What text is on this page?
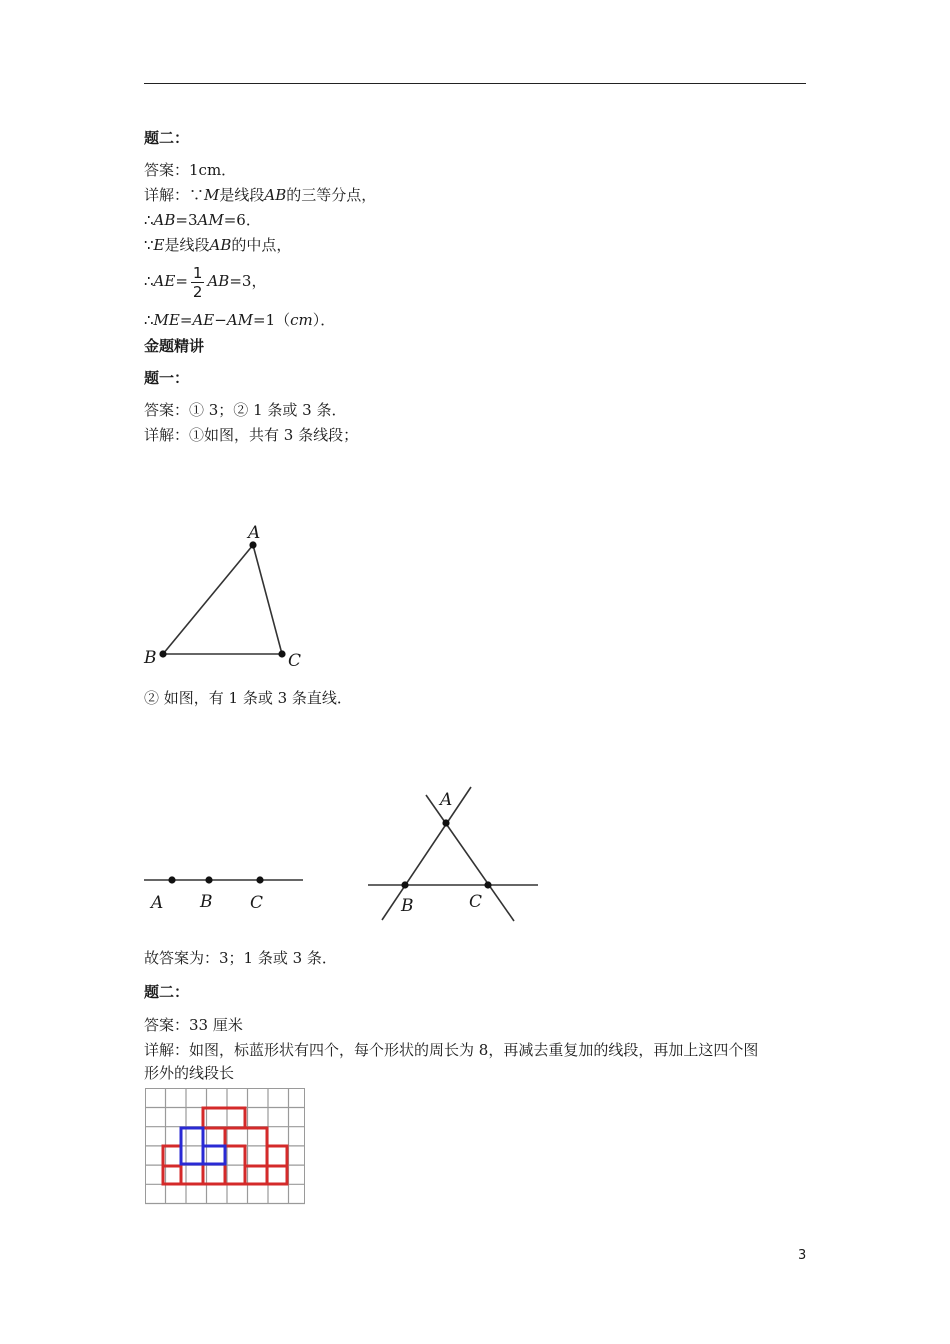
题二：
答案：1cm．
详解：∵M是线段AB的三等分点，
∴AB=3AM=6．
∵E是线段AB的中点，
∴AE= $\frac{1}{2} AB=3$，
∴ME=AE−AM=1（cm）．
金题精讲
题一：
答案：① 3；② 1 条或 3 条．
详解：①如图，共有 3 条线段；
A
B	C
② 如图，有 1 条或 3 条直线．
A B C
A
B	C
故答案为：3；1 条或 3 条．
题二：
答案：33 厘米
详解：如图，标蓝形状有四个，每个形状的周长为 8，再减去重复加的线段，再加上这四个图
形外的线段长
3
